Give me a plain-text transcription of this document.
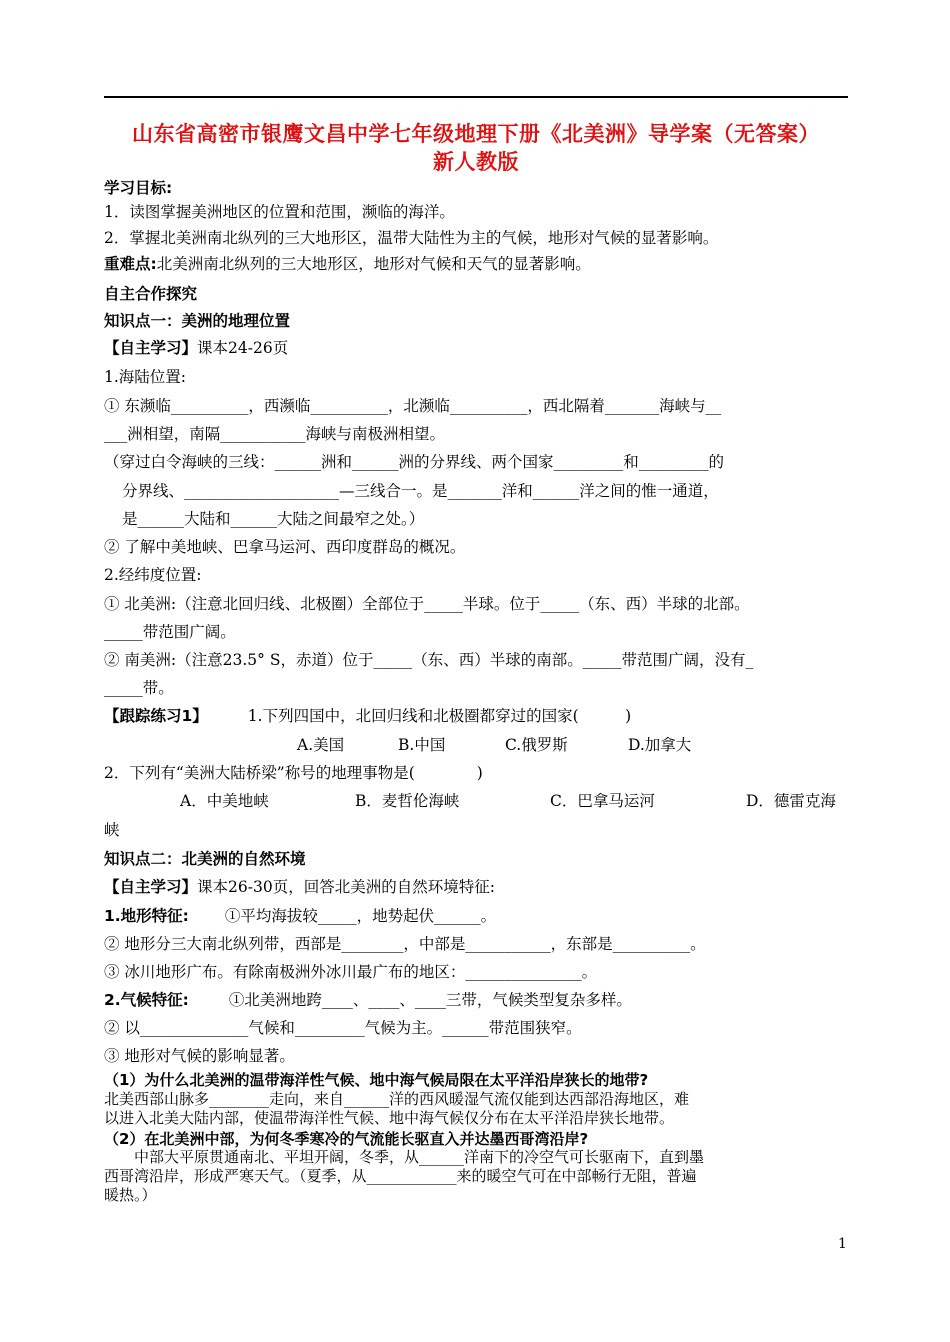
山东省高密市银鹰文昌中学七年级地理下册《北美洲》导学案（无答案）
新人教版
学习目标:
1．读图掌握美洲地区的位置和范围，濒临的海洋。
2．掌握北美洲南北纵列的三大地形区，温带大陆性为主的气候，地形对气候的显著影响。
重难点:北美洲南北纵列的三大地形区，地形对气候和天气的显著影响。
自主合作探究
知识点一：美洲的地理位置
【自主学习】课本24-26页
1.海陆位置:
① 东濒临__________，西濒临__________，北濒临__________，西北隔着_______海峡与__
___洲相望，南隔___________海峡与南极洲相望。
（穿过白令海峡的三线：______洲和______洲的分界线、两个国家_________和_________的
分界线、____________________—三线合一。是_______洋和______洋之间的惟一通道，
是______大陆和______大陆之间最窄之处。）
② 了解中美地峡、巴拿马运河、西印度群岛的概况。
2.经纬度位置:
① 北美洲:（注意北回归线、北极圈）全部位于_____半球。位于_____（东、西）半球的北部。
_____带范围广阔。
② 南美洲:（注意23.5° S，赤道）位于_____（东、西）半球的南部。_____带范围广阔，没有_
_____带。
【跟踪练习1】	1.下列四国中，北回归线和北极圈都穿过的国家(　　　)
A.美国	B.中国	C.俄罗斯	D.加拿大
2．下列有“美洲大陆桥梁”称号的地理事物是(　　　　)
A．中美地峡	B．麦哲伦海峡	C．巴拿马运河	D．德雷克海
峡
知识点二：北美洲的自然环境
【自主学习】课本26-30页，回答北美洲的自然环境特征:
1.地形特征: ①平均海拔较_____，地势起伏______。
② 地形分三大南北纵列带，西部是________，中部是___________，东部是__________。
③ 冰川地形广布。有除南极洲外冰川最广布的地区：_______________。
2.气候特征:	①北美洲地跨____、____、____三带，气候类型复杂多样。
② 以______________气候和_________气候为主。______带范围狭窄。
③ 地形对气候的影响显著。
（1）为什么北美洲的温带海洋性气候、地中海气候局限在太平洋沿岸狭长的地带?
北美西部山脉多________走向，来自______洋的西风暖湿气流仅能到达西部沿海地区，难
以进入北美大陆内部，使温带海洋性气候、地中海气候仅分布在太平洋沿岸狭长地带。
（2）在北美洲中部，为何冬季寒冷的气流能长驱直入并达墨西哥湾沿岸?
　　中部大平原贯通南北、平坦开阔，冬季，从______洋南下的冷空气可长驱南下，直到墨
西哥湾沿岸，形成严寒天气。（夏季，从____________来的暖空气可在中部畅行无阻，普遍
暖热。）
1
